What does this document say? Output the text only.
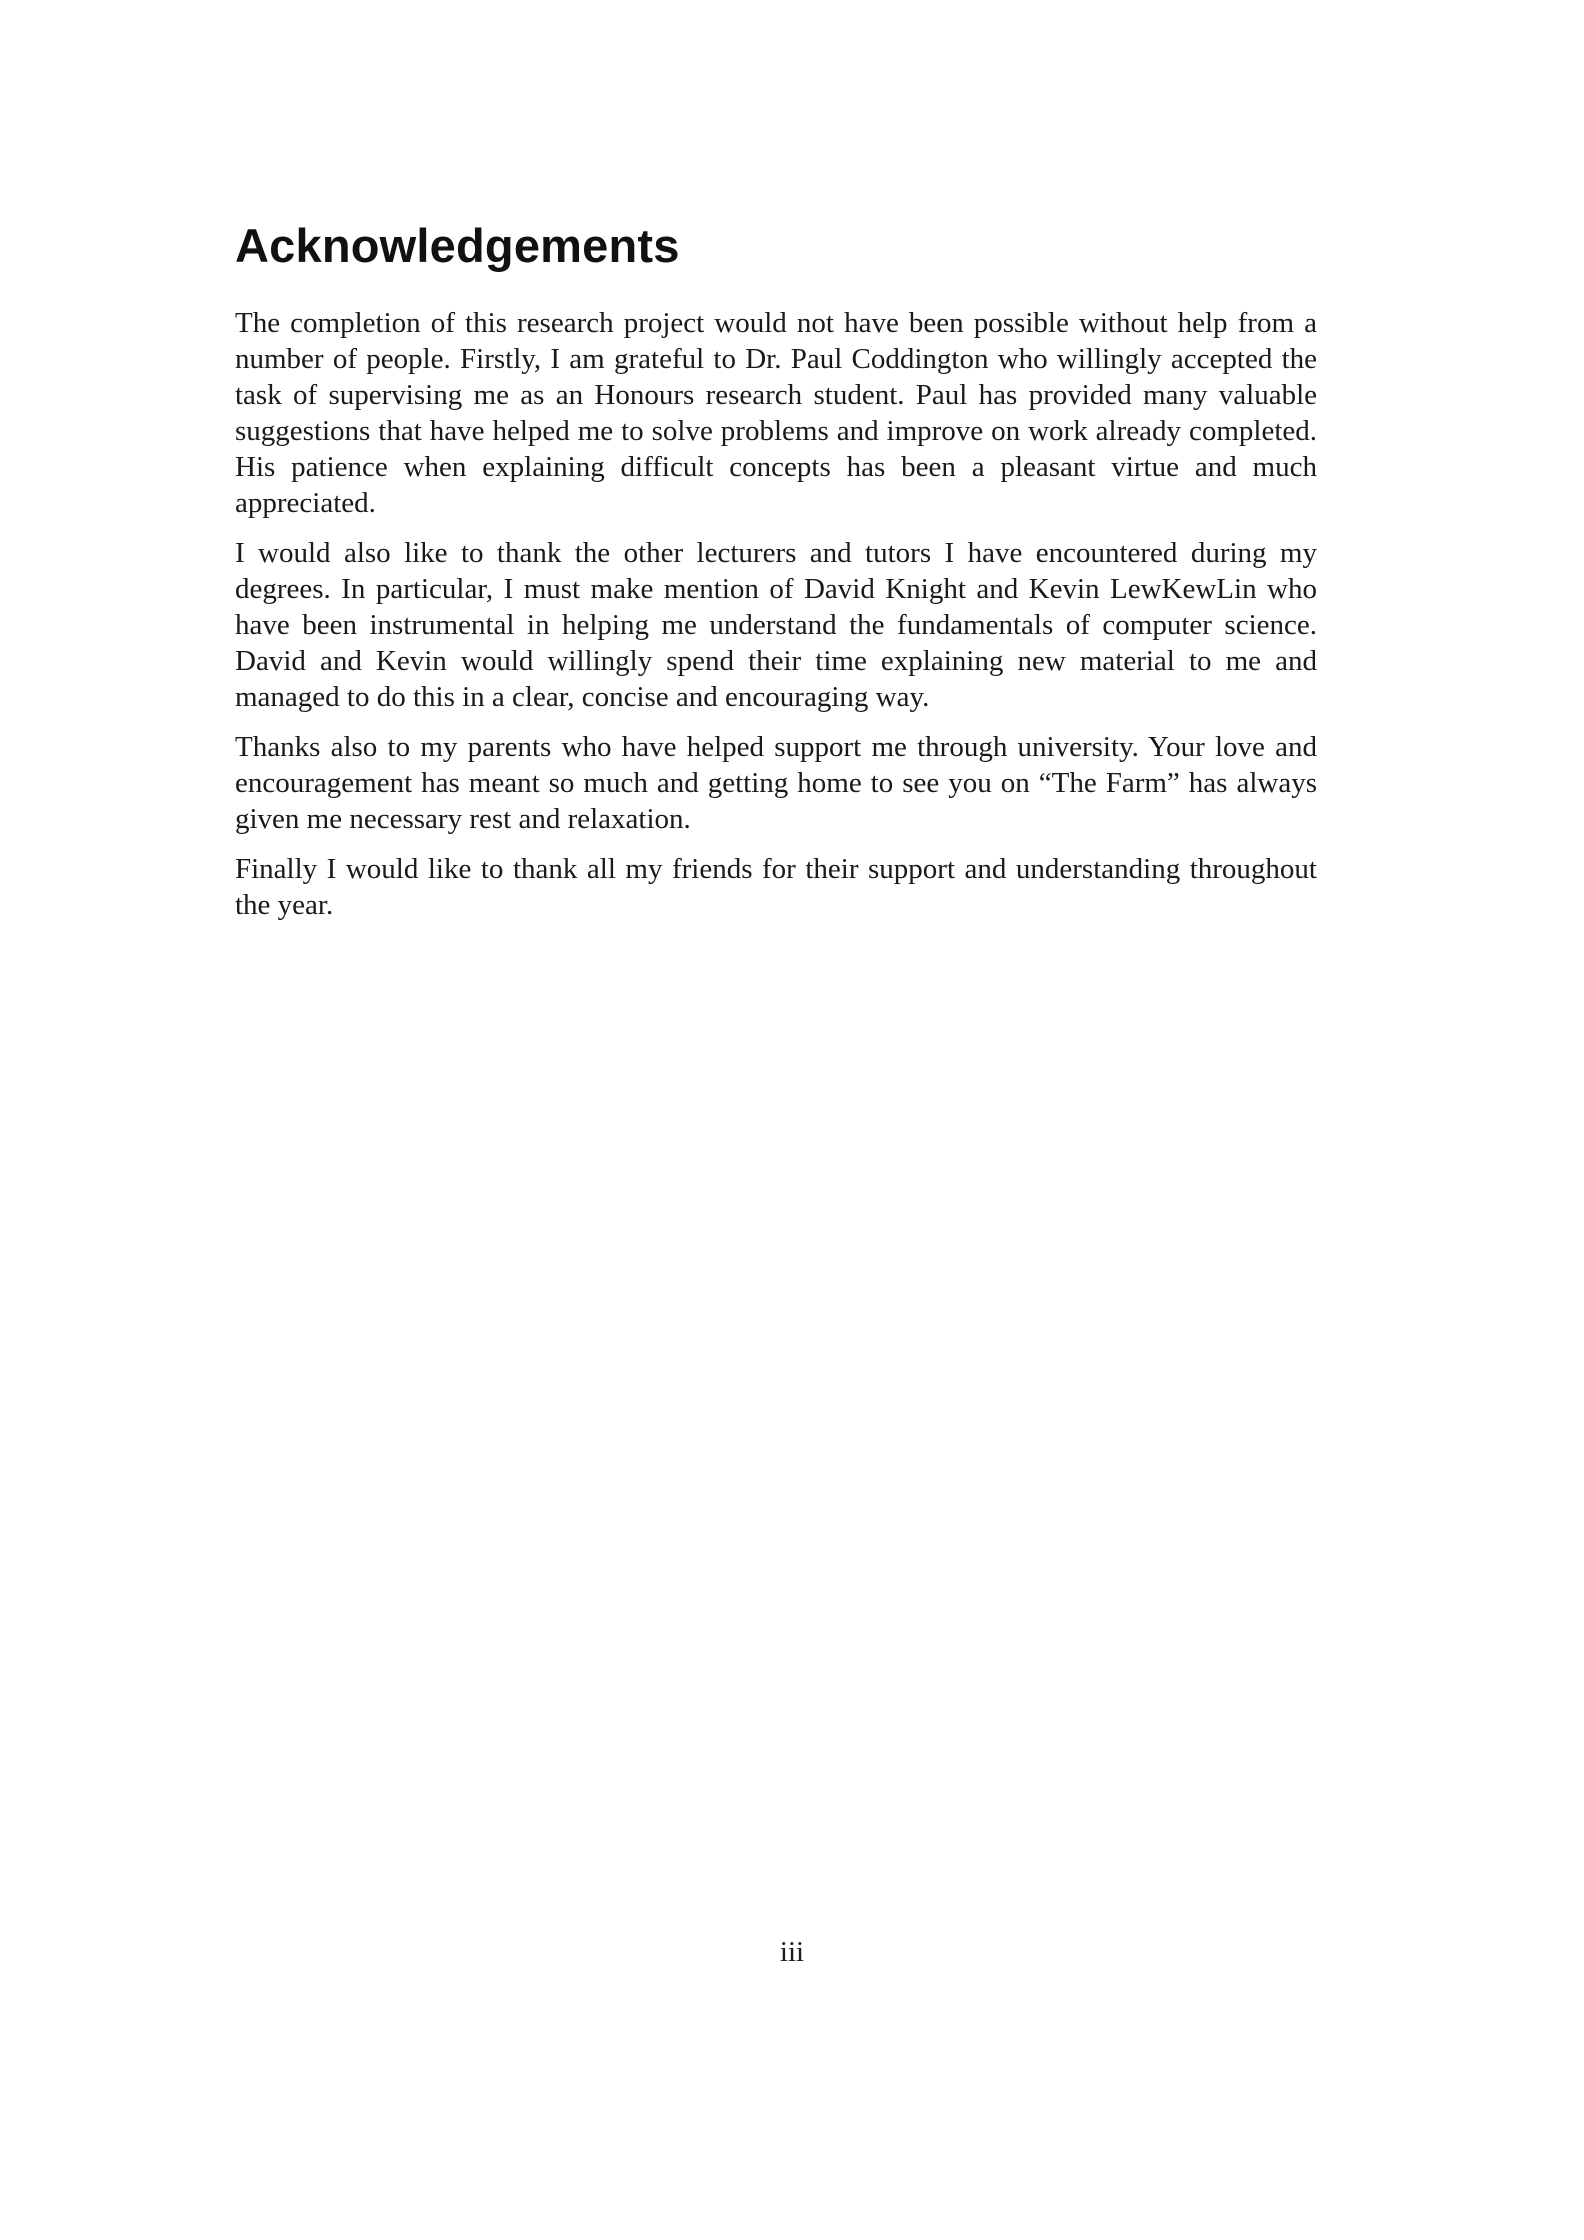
Acknowledgements

The completion of this research project would not have been possible without help from a number of people. Firstly, I am grateful to Dr. Paul Coddington who willingly accepted the task of supervising me as an Honours research student. Paul has provided many valuable suggestions that have helped me to solve problems and improve on work already completed. His patience when explaining difficult concepts has been a pleasant virtue and much appreciated.

I would also like to thank the other lecturers and tutors I have encountered during my degrees. In particular, I must make mention of David Knight and Kevin LewKewLin who have been instrumental in helping me understand the fundamentals of computer science. David and Kevin would willingly spend their time explaining new material to me and managed to do this in a clear, concise and encouraging way.

Thanks also to my parents who have helped support me through university. Your love and encouragement has meant so much and getting home to see you on “The Farm” has always given me necessary rest and relaxation.

Finally I would like to thank all my friends for their support and understanding throughout the year.

iii
